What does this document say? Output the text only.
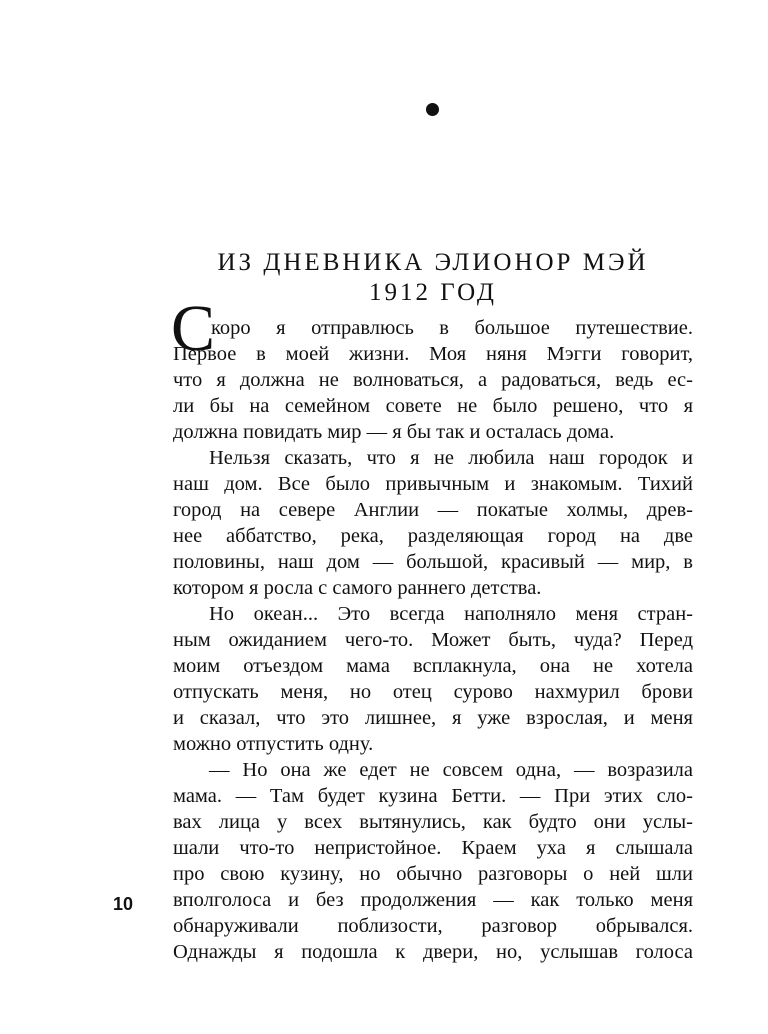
ИЗ ДНЕВНИКА ЭЛИОНОР МЭЙ
1912 ГОД
С
коро я отправлюсь в большое путешествие.
Первое в моей жизни. Моя няня Мэгги говорит,
что я должна не волноваться, а радоваться, ведь ес-
ли бы на семейном совете не было решено, что я
должна повидать мир — я бы так и осталась дома.
Нельзя сказать, что я не любила наш городок и
наш дом. Все было привычным и знакомым. Тихий
город на севере Англии — покатые холмы, древ-
нее аббатство, река, разделяющая город на две
половины, наш дом — большой, красивый — мир, в
котором я росла с самого раннего детства.
Но океан... Это всегда наполняло меня стран-
ным ожиданием чего-то. Может быть, чуда? Перед
моим отъездом мама всплакнула, она не хотела
отпускать меня, но отец сурово нахмурил брови
и сказал, что это лишнее, я уже взрослая, и меня
можно отпустить одну.
— Но она же едет не совсем одна, — возразила
мама. — Там будет кузина Бетти. — При этих сло-
вах лица у всех вытянулись, как будто они услы-
шали что-то непристойное. Краем уха я слышала
про свою кузину, но обычно разговоры о ней шли
вполголоса и без продолжения — как только меня
обнаруживали поблизости, разговор обрывался.
Однажды я подошла к двери, но, услышав голоса
10
